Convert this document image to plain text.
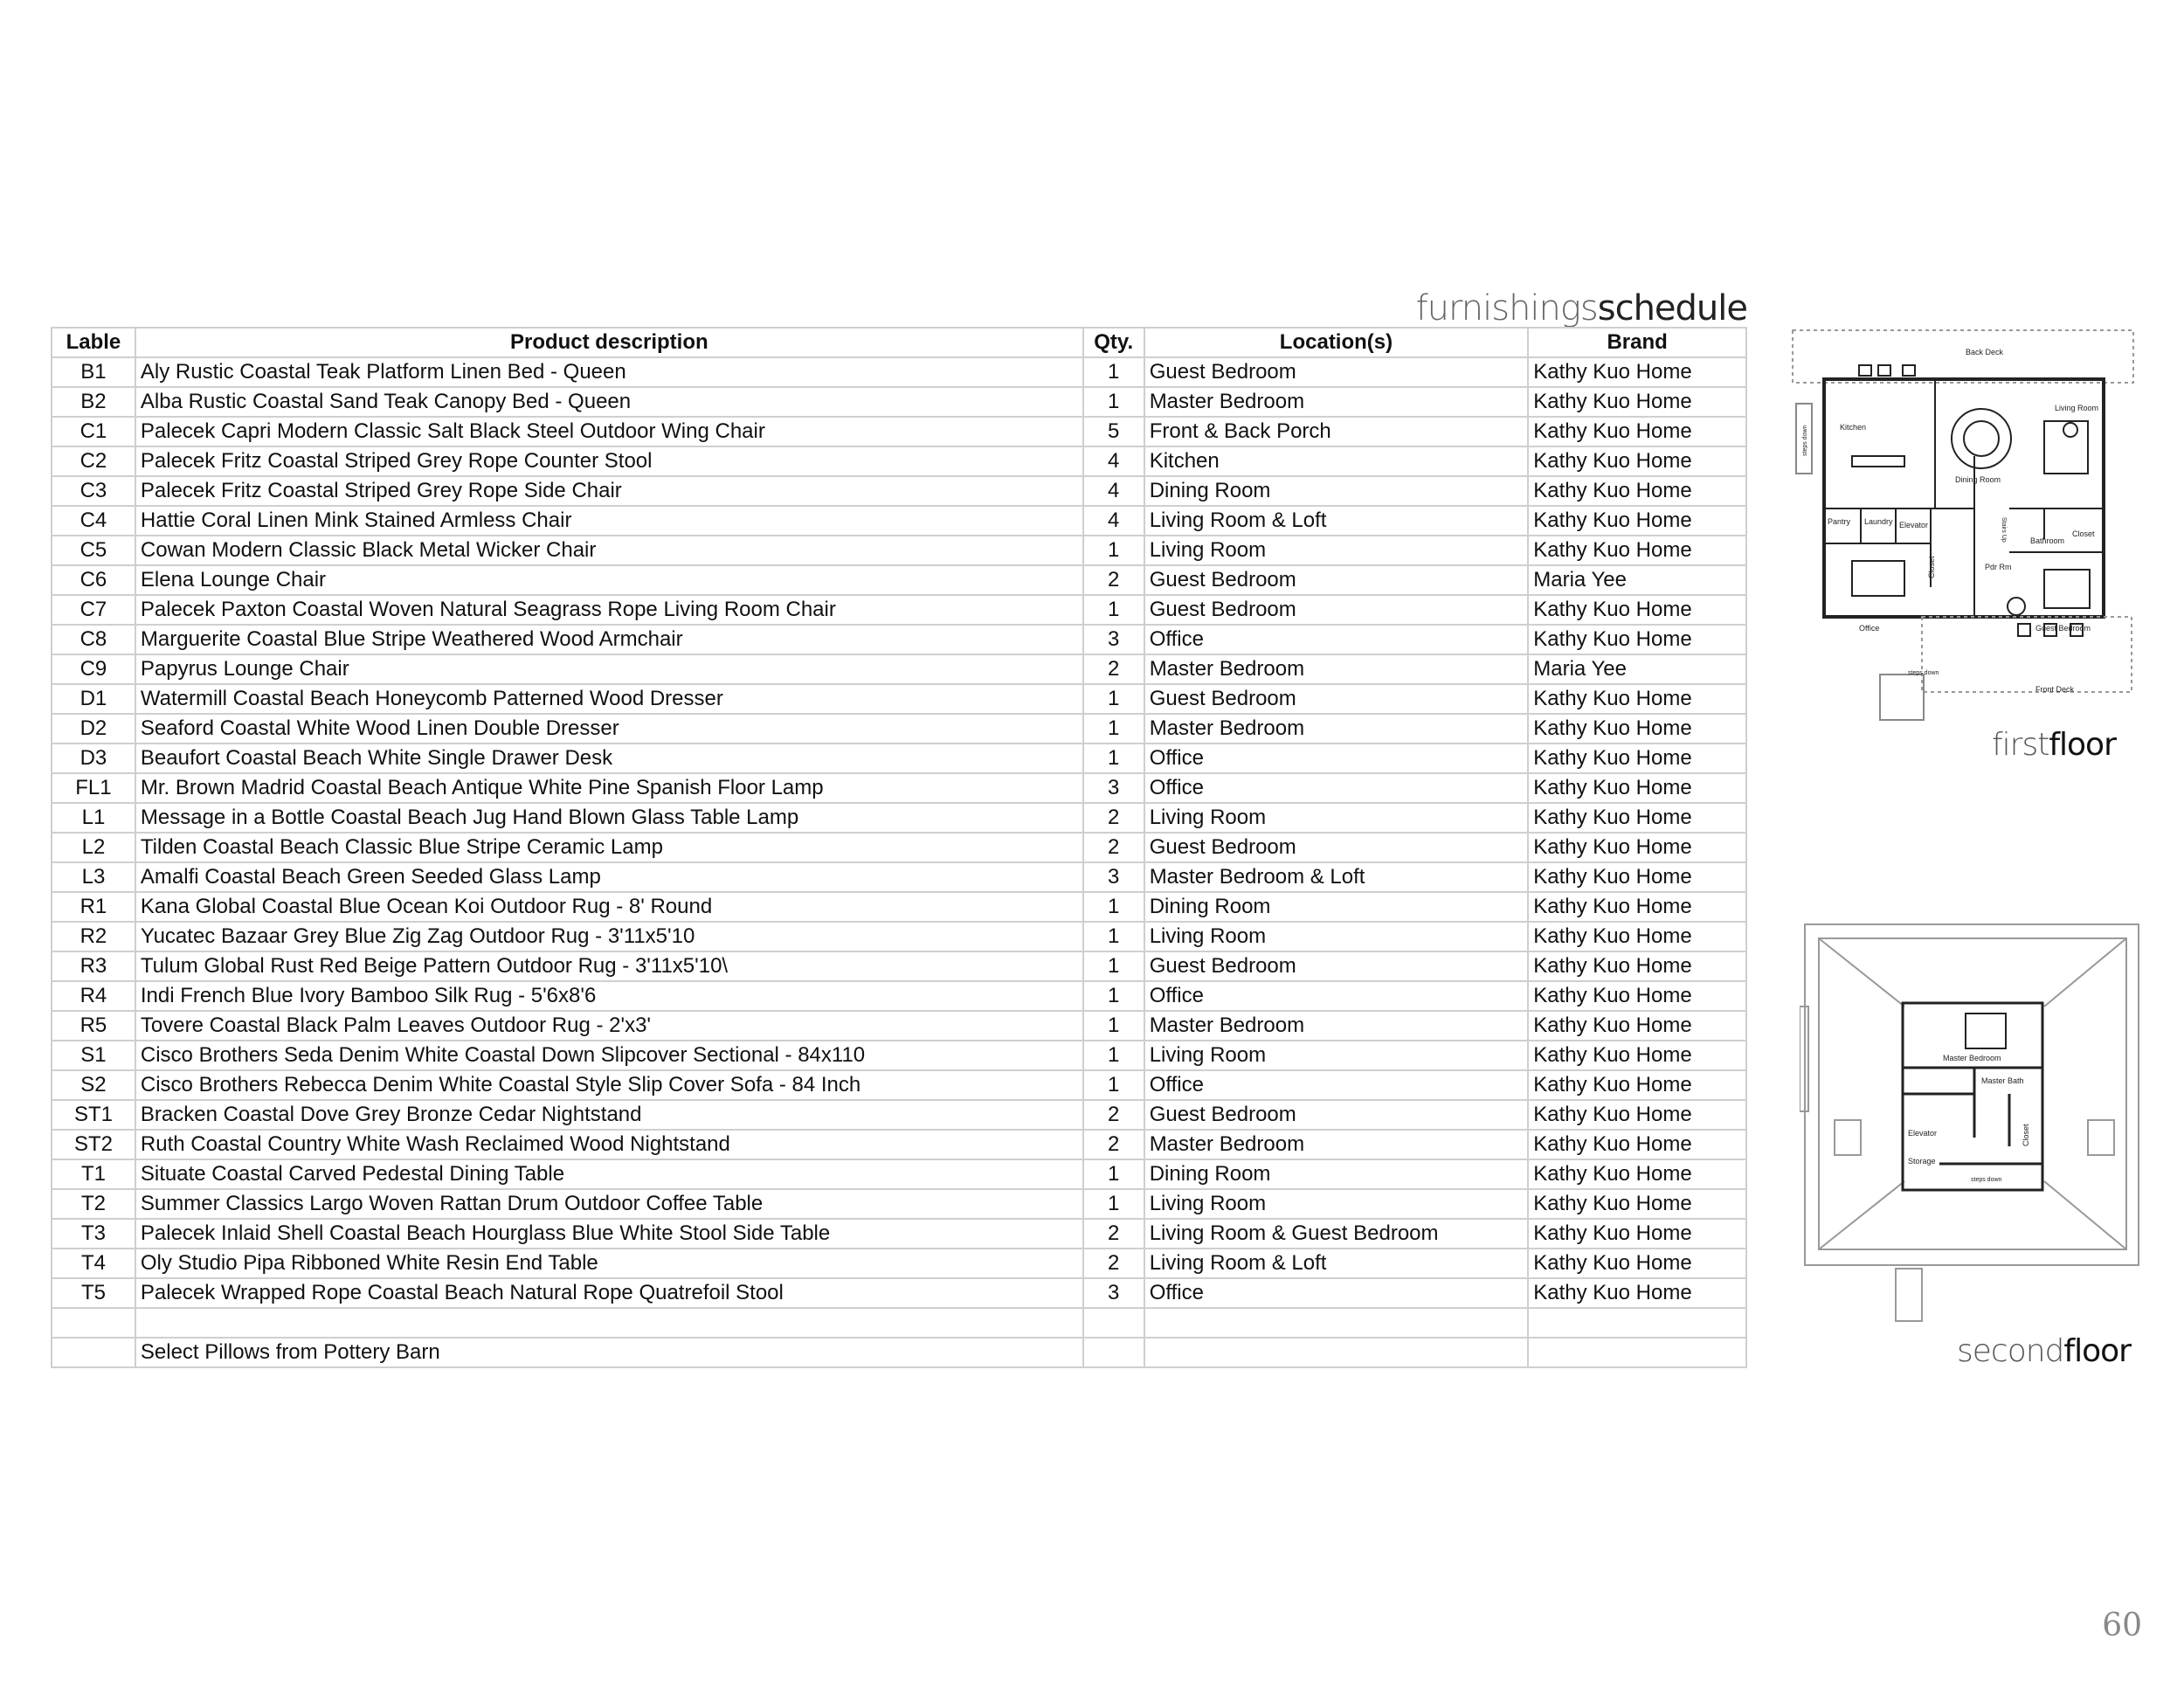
furnishingsschedule
Lable	Product description	Qty.	Location(s)	Brand
B1	Aly Rustic Coastal Teak Platform Linen Bed - Queen	1	Guest Bedroom	Kathy Kuo Home
B2	Alba Rustic Coastal Sand Teak Canopy Bed - Queen	1	Master Bedroom	Kathy Kuo Home
C1	Palecek Capri Modern Classic Salt Black Steel Outdoor Wing Chair	5	Front & Back Porch	Kathy Kuo Home
C2	Palecek Fritz Coastal Striped Grey Rope Counter Stool	4	Kitchen	Kathy Kuo Home
C3	Palecek Fritz Coastal Striped Grey Rope Side Chair	4	Dining Room	Kathy Kuo Home
C4	Hattie Coral Linen Mink Stained Armless Chair	4	Living Room & Loft	Kathy Kuo Home
C5	Cowan Modern Classic Black Metal Wicker Chair	1	Living Room	Kathy Kuo Home
C6	Elena Lounge Chair	2	Guest Bedroom	Maria Yee
C7	Palecek Paxton Coastal Woven Natural Seagrass Rope Living Room Chair	1	Guest Bedroom	Kathy Kuo Home
C8	Marguerite Coastal Blue Stripe Weathered Wood Armchair	3	Office	Kathy Kuo Home
C9	Papyrus Lounge Chair	2	Master Bedroom	Maria Yee
D1	Watermill Coastal Beach Honeycomb Patterned Wood Dresser	1	Guest Bedroom	Kathy Kuo Home
D2	Seaford Coastal White Wood Linen Double Dresser	1	Master Bedroom	Kathy Kuo Home
D3	Beaufort Coastal Beach White Single Drawer Desk	1	Office	Kathy Kuo Home
FL1	Mr. Brown Madrid Coastal Beach Antique White Pine Spanish Floor Lamp	3	Office	Kathy Kuo Home
L1	Message in a Bottle Coastal Beach Jug Hand Blown Glass Table Lamp	2	Living Room	Kathy Kuo Home
L2	Tilden Coastal Beach Classic Blue Stripe Ceramic Lamp	2	Guest Bedroom	Kathy Kuo Home
L3	Amalfi Coastal Beach Green Seeded Glass Lamp	3	Master Bedroom & Loft	Kathy Kuo Home
R1	Kana Global Coastal Blue Ocean Koi Outdoor Rug - 8' Round	1	Dining Room	Kathy Kuo Home
R2	Yucatec Bazaar Grey Blue Zig Zag Outdoor Rug - 3'11x5'10	1	Living Room	Kathy Kuo Home
R3	Tulum Global Rust Red Beige Pattern Outdoor Rug - 3'11x5'10\	1	Guest Bedroom	Kathy Kuo Home
R4	Indi French Blue Ivory Bamboo Silk Rug - 5'6x8'6	1	Office	Kathy Kuo Home
R5	Tovere Coastal Black Palm Leaves Outdoor Rug - 2'x3'	1	Master Bedroom	Kathy Kuo Home
S1	Cisco Brothers Seda Denim White Coastal Down Slipcover Sectional - 84x110	1	Living Room	Kathy Kuo Home
S2	Cisco Brothers Rebecca Denim White Coastal Style Slip Cover Sofa - 84 Inch	1	Office	Kathy Kuo Home
ST1	Bracken Coastal Dove Grey Bronze Cedar Nightstand	2	Guest Bedroom	Kathy Kuo Home
ST2	Ruth Coastal Country White Wash Reclaimed Wood Nightstand	2	Master Bedroom	Kathy Kuo Home
T1	Situate Coastal Carved Pedestal Dining Table	1	Dining Room	Kathy Kuo Home
T2	Summer Classics Largo Woven Rattan Drum Outdoor Coffee Table	1	Living Room	Kathy Kuo Home
T3	Palecek Inlaid Shell Coastal Beach Hourglass Blue White Stool Side Table	2	Living Room & Guest Bedroom	Kathy Kuo Home
T4	Oly Studio Pipa Ribboned White Resin End Table	2	Living Room & Loft	Kathy Kuo Home
T5	Palecek Wrapped Rope Coastal Beach Natural Rope Quatrefoil Stool	3	Office	Kathy Kuo Home

	Select Pillows from Pottery Barn			
Back Deck
Living Room
Kitchen
Dining Room
Pantry Laundry Elevator
Bathroom
Closet
Closet	Pdr Rm
Office	Guest Bedroom
Front Deck
steps down
steps down
Stairs Up
firstfloor
Master Bedroom
Master Bath
Elevator
Storage
Closet
steps down
secondfloor
60
